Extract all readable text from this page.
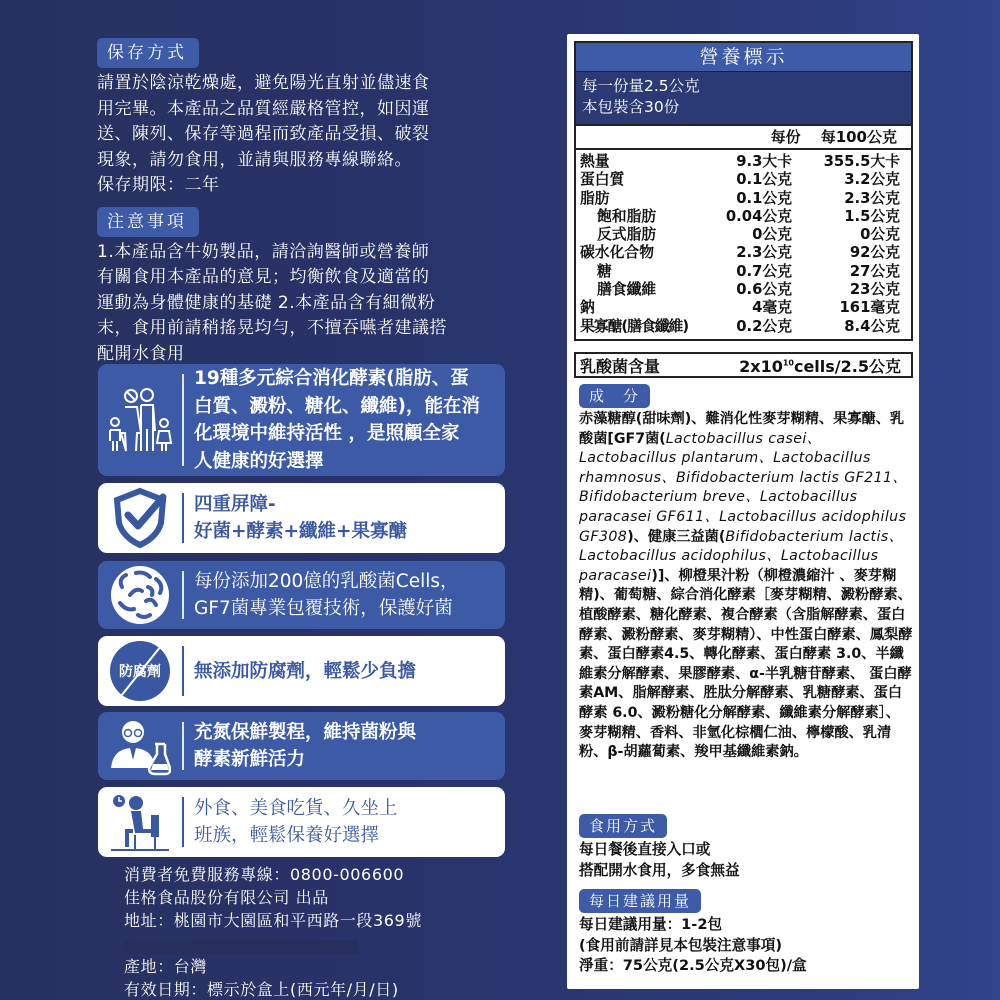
保存方式
請置於陰涼乾燥處，避免陽光直射並儘速食
用完畢。本產品之品質經嚴格管控，如因運
送、陳列、保存等過程而致產品受損、破裂
現象，請勿食用，並請與服務專線聯絡。
保存期限：二年
注意事項
1.本產品含牛奶製品，請洽詢醫師或營養師
有關食用本產品的意見；均衡飲食及適當的
運動為身體健康的基礎 2.本產品含有細微粉
末，食用前請稍搖晃均勻，不擅吞嚥者建議搭
配開水食用
19種多元綜合消化酵素(脂肪、蛋
白質、澱粉、糖化、纖維)，能在消
化環境中維持活性 ，是照顧全家
人健康的好選擇
四重屏障-
好菌+酵素+纖維+果寡醣
每份添加200億的乳酸菌Cells，
GF7菌專業包覆技術，保護好菌
防腐劑 無添加防腐劑，輕鬆少負擔
充氮保鮮製程，維持菌粉與
酵素新鮮活力
外食、美食吃貨、久坐上
班族，輕鬆保養好選擇
消費者免費服務專線：0800-006600
佳格食品股份有限公司 出品
地址：桃園市大園區和平西路一段369號
產地：台灣
有效日期：標示於盒上(西元年/月/日)
營養標示
每一份量2.5公克
本包裝含30份
每份 每100公克
熱量	9.3大卡	355.5大卡
蛋白質	0.1公克	3.2公克
脂肪	0.1公克	2.3公克
飽和脂肪	0.04公克	1.5公克
反式脂肪	0公克	0公克
碳水化合物	2.3公克	92公克
糖	0.7公克	27公克
膳食纖維	0.6公克	23公克
鈉	4毫克	161毫克
果寡醣(膳食纖維)	0.2公克	8.4公克
乳酸菌含量	$2x10^{10}cells/2.5$公克
成　分
赤藻糖醇(甜味劑)、難消化性麥芽糊精、果寡醣、乳酸菌[GF7菌(Lactobacillus casei、Lactobacillus plantarum、Lactobacillus rhamnosus、Bifidobacterium lactis GF211、Bifidobacterium breve、Lactobacillus paracasei GF611、Lactobacillus acidophilus GF308)、健康三益菌(Bifidobacterium lactis、Lactobacillus acidophilus、Lactobacillus paracasei)]、柳橙果汁粉（柳橙濃縮汁 、麥芽糊精)、葡萄糖、綜合消化酵素［麥芽糊精、澱粉酵素、植酸酵素、糖化酵素、複合酵素（含脂解酵素、蛋白酵素、澱粉酵素、麥芽糊精）、中性蛋白酵素、鳳梨酵素、蛋白酵素4.5、轉化酵素、蛋白酵素 3.0、半纖維素分解酵素、果膠酵素、α-半乳糖苷酵素、 蛋白酵素AM、脂解酵素、胜肽分解酵素、乳糖酵素、蛋白酵素 6.0、澱粉糖化分解酵素、纖維素分解酵素］、麥芽糊精、香料、非氫化棕櫚仁油、檸檬酸、乳清粉、β-胡蘿蔔素、羧甲基纖維素鈉。
食用方式
每日餐後直接入口或
搭配開水食用，多食無益
每日建議用量
每日建議用量：1-2包
(食用前請詳見本包裝注意事項)
淨重：75公克(2.5公克X30包)/盒
